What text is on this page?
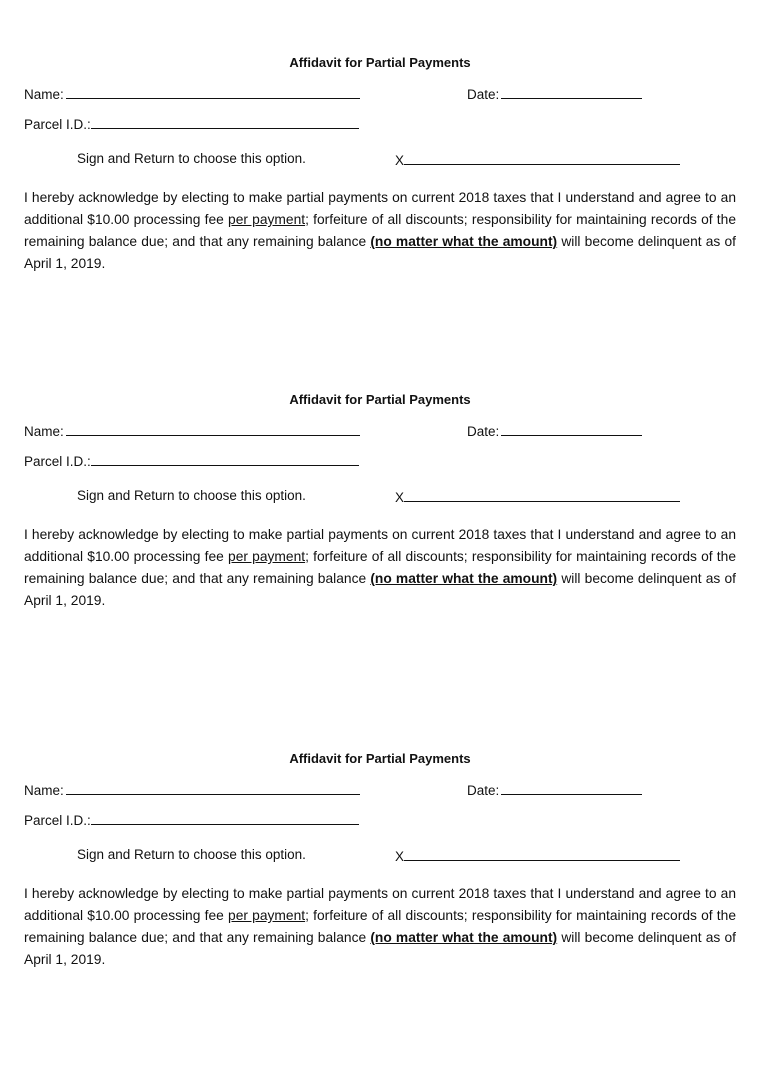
Affidavit for Partial Payments
Name:	Date:
Parcel I.D.:
Sign and Return to choose this option.	X
I hereby acknowledge by electing to make partial payments on current 2018 taxes that I understand and agree to an additional $10.00 processing fee per payment; forfeiture of all discounts; responsibility for maintaining records of the remaining balance due; and that any remaining balance (no matter what the amount) will become delinquent as of April 1, 2019.
Affidavit for Partial Payments
Name:	Date:
Parcel I.D.:
Sign and Return to choose this option.	X
I hereby acknowledge by electing to make partial payments on current 2018 taxes that I understand and agree to an additional $10.00 processing fee per payment; forfeiture of all discounts; responsibility for maintaining records of the remaining balance due; and that any remaining balance (no matter what the amount) will become delinquent as of April 1, 2019.
Affidavit for Partial Payments
Name:	Date:
Parcel I.D.:
Sign and Return to choose this option.	X
I hereby acknowledge by electing to make partial payments on current 2018 taxes that I understand and agree to an additional $10.00 processing fee per payment; forfeiture of all discounts; responsibility for maintaining records of the remaining balance due; and that any remaining balance (no matter what the amount) will become delinquent as of April 1, 2019.
